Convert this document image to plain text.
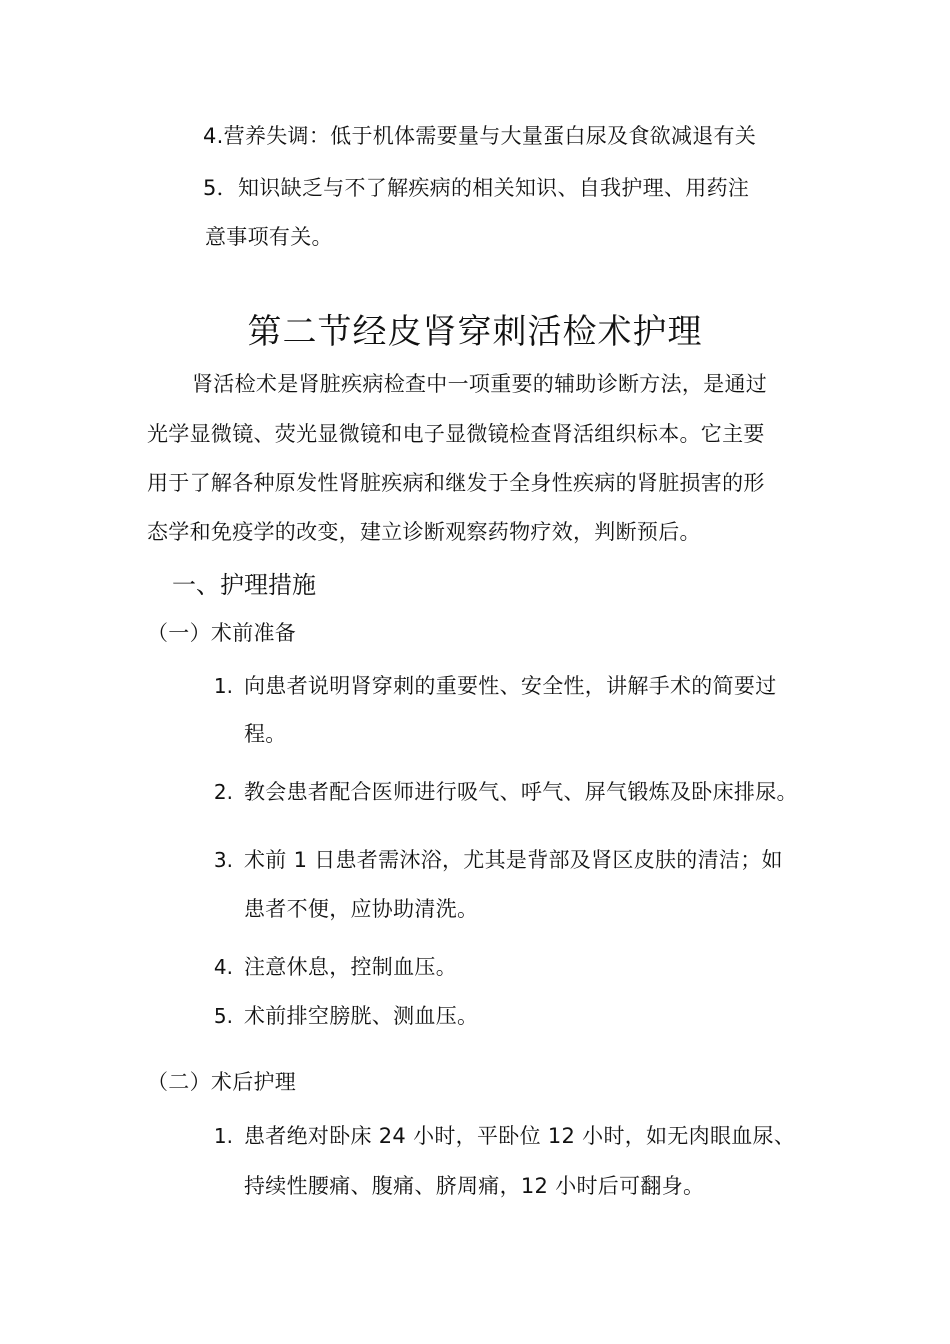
4.营养失调：低于机体需要量与大量蛋白尿及食欲减退有关
5．知识缺乏与不了解疾病的相关知识、自我护理、用药注
意事项有关。
第二节经皮肾穿刺活检术护理
肾活检术是肾脏疾病检查中一项重要的辅助诊断方法，是通过
光学显微镜、荧光显微镜和电子显微镜检查肾活组织标本。它主要
用于了解各种原发性肾脏疾病和继发于全身性疾病的肾脏损害的形
态学和免疫学的改变，建立诊断观察药物疗效，判断预后。
一、护理措施
（一）术前准备
1. 向患者说明肾穿刺的重要性、安全性，讲解手术的简要过
程。
2. 教会患者配合医师进行吸气、呼气、屏气锻炼及卧床排尿。
3. 术前 1 日患者需沐浴，尤其是背部及肾区皮肤的清洁；如
患者不便，应协助清洗。
4. 注意休息，控制血压。
5. 术前排空膀胱、测血压。
（二）术后护理
1. 患者绝对卧床 24 小时，平卧位 12 小时，如无肉眼血尿、
持续性腰痛、腹痛、脐周痛，12 小时后可翻身。
